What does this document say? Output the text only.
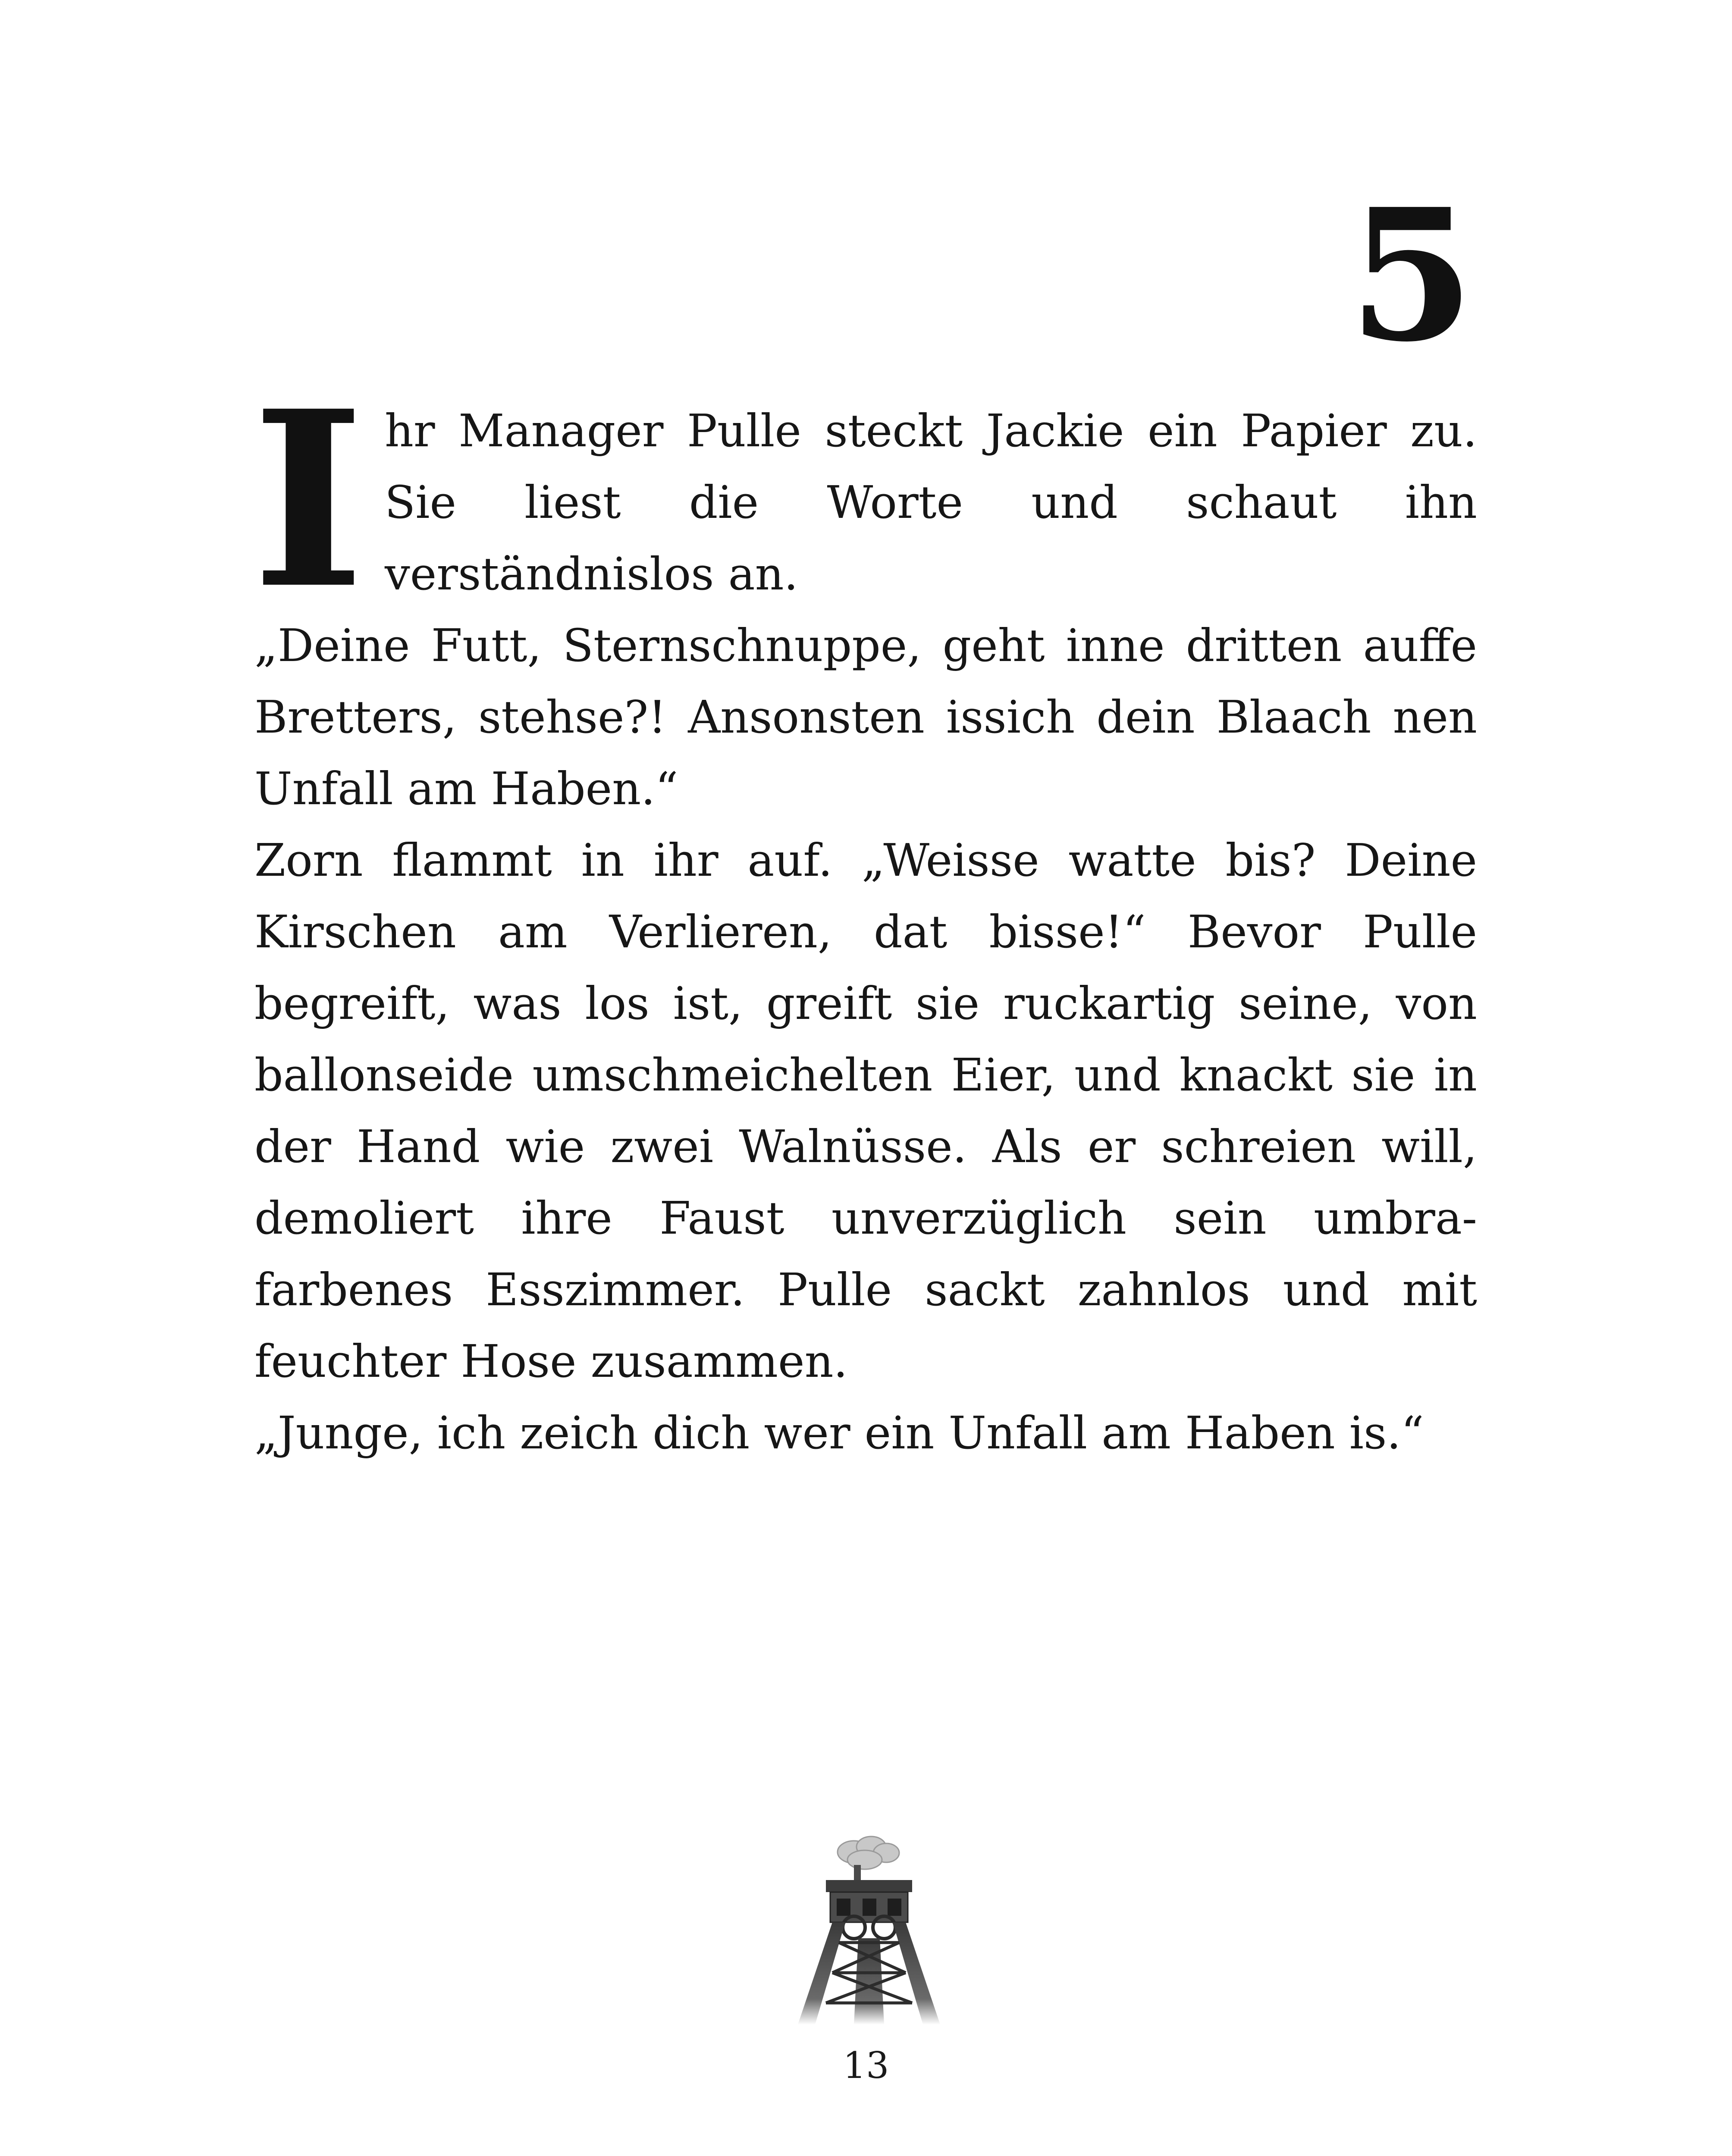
5

Ihr Manager Pulle steckt Jackie ein Papier zu. Sie liest die Worte und schaut ihn verständnislos an.

„Deine Futt, Sternschnuppe, geht inne dritten auffe Bretters, stehse?! Ansonsten issich dein Blaach nen Unfall am Haben.“

Zorn flammt in ihr auf. „Weisse watte bis? Deine Kirschen am Verlieren, dat bisse!“ Bevor Pulle begreift, was los ist, greift sie ruckartig seine, von ballonseide umschmeichelten Eier, und knackt sie in der Hand wie zwei Walnüsse. Als er schreien will, demoliert ihre Faust unverzüglich sein umbrafarbenes Esszimmer. Pulle sackt zahnlos und mit feuchter Hose zusammen.

„Junge, ich zeich dich wer ein Unfall am Haben is.“

13
